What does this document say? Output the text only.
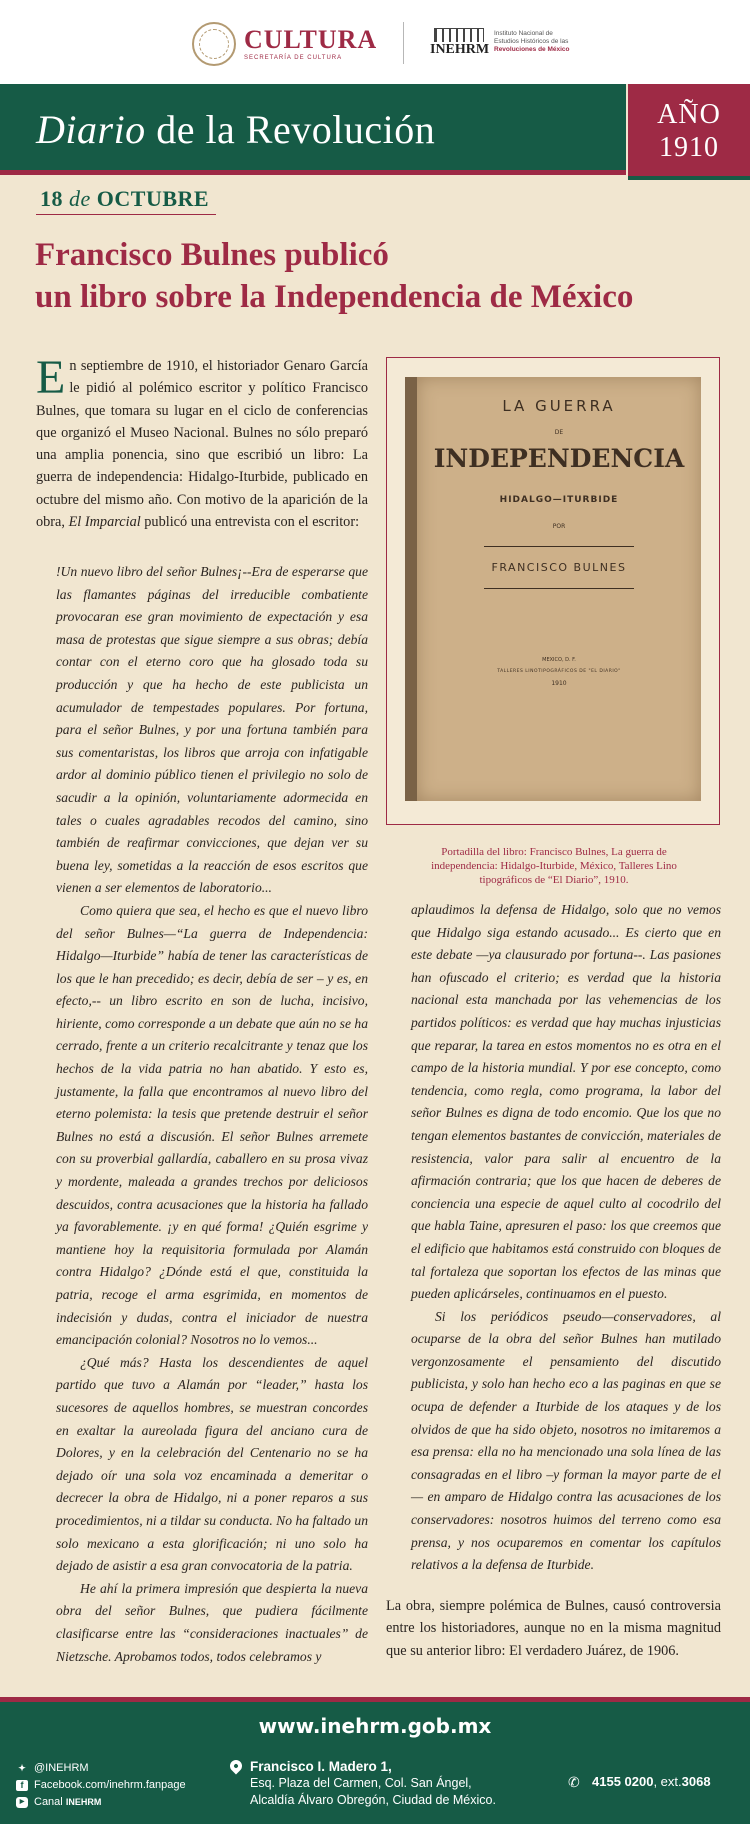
CULTURA
SECRETARÍA DE CULTURA
INEHRM
Instituto Nacional de
Estudios Históricos de las
Revoluciones de México
Diario de la Revolución	AÑO
1910
18 de OCTUBRE
Francisco Bulnes publicó
un libro sobre la Independencia de México
En septiembre de 1910, el historiador Genaro García le pidió al polémico escritor y político Francisco Bulnes, que tomara su lugar en el ciclo de conferencias que organizó el Museo Nacional. Bulnes no sólo preparó una amplia ponencia, sino que escribió un libro: La guerra de independencia: Hidalgo-Iturbide, publicado en octubre del mismo año. Con motivo de la aparición de la obra, El Imparcial publicó una entrevista con el escritor:

!Un nuevo libro del señor Bulnes¡--Era de esperarse que las flamantes páginas del irreducible combatiente provocaran ese gran movimiento de expectación y esa masa de protestas que sigue siempre a sus obras; debía contar con el eterno coro que ha glosado toda su producción y que ha hecho de este publicista un acumulador de tempestades populares. Por fortuna, para el señor Bulnes, y por una fortuna también para sus comentaristas, los libros que arroja con infatigable ardor al dominio público tienen el privilegio no solo de sacudir a la opinión, voluntariamente adormecida en tales o cuales agradables recodos del camino, sino también de reafirmar convicciones, que dejan ver su buena ley, sometidas a la reacción de esos escritos que vienen a ser elementos de laboratorio...

Como quiera que sea, el hecho es que el nuevo libro del señor Bulnes—“La guerra de Independencia: Hidalgo—Iturbide” había de tener las características de los que le han precedido; es decir, debía de ser – y es, en efecto,-- un libro escrito en son de lucha, incisivo, hiriente, como corresponde a un debate que aún no se ha cerrado, frente a un criterio recalcitrante y tenaz que los hechos de la vida patria no han abatido. Y esto es, justamente, la falla que encontramos al nuevo libro del eterno polemista: la tesis que pretende destruir el señor Bulnes no está a discusión. El señor Bulnes arremete con su proverbial gallardía, caballero en su prosa vivaz y mordente, maleada a grandes trechos por deliciosos descuidos, contra acusaciones que la historia ha fallado ya favorablemente. ¡y en qué forma! ¿Quién esgrime y mantiene hoy la requisitoria formulada por Alamán contra Hidalgo? ¿Dónde está el que, constituida la patria, recoge el arma esgrimida, en momentos de indecisión y dudas, contra el iniciador de nuestra emancipación colonial? Nosotros no lo vemos...

¿Qué más? Hasta los descendientes de aquel partido que tuvo a Alamán por “leader,” hasta los sucesores de aquellos hombres, se muestran concordes en exaltar la aureolada figura del anciano cura de Dolores, y en la celebración del Centenario no se ha dejado oír una sola voz encaminada a demeritar o decrecer la obra de Hidalgo, ni a poner reparos a sus procedimientos, ni a tildar su conducta. No ha faltado un solo mexicano a esta glorificación; ni uno solo ha dejado de asistir a esa gran convocatoria de la patria.

He ahí la primera impresión que despierta la nueva obra del señor Bulnes, que pudiera fácilmente clasificarse entre las “consideraciones inactuales” de Nietzsche. Aprobamos todos, todos celebramos y

LA GUERRA
DE
INDEPENDENCIA
HIDALGO—ITURBIDE
POR
FRANCISCO BULNES
MEXICO, D. F.
TALLERES LINOTIPOGRÁFICOS DE "EL DIARIO"
1910
Portadilla del libro: Francisco Bulnes, La guerra de independencia: Hidalgo-Iturbide, México, Talleres Lino tipográficos de “El Diario”, 1910.

aplaudimos la defensa de Hidalgo, solo que no vemos que Hidalgo siga estando acusado... Es cierto que en este debate —ya clausurado por fortuna--. Las pasiones han ofuscado el criterio; es verdad que la historia nacional esta manchada por las vehemencias de los partidos políticos: es verdad que hay muchas injusticias que reparar, la tarea en estos momentos no es otra en el campo de la historia mundial. Y por ese concepto, como tendencia, como regla, como programa, la labor del señor Bulnes es digna de todo encomio. Que los que no tengan elementos bastantes de convicción, materiales de resistencia, valor para salir al encuentro de la afirmación contraria; que los que hacen de deberes de conciencia una especie de aquel culto al cocodrilo del que habla Taine, apresuren el paso: los que creemos que el edificio que habitamos está construido con bloques de tal fortaleza que soportan los efectos de las minas que pueden aplicárseles, continuamos en el puesto.

Si los periódicos pseudo—conservadores, al ocuparse de la obra del señor Bulnes han mutilado vergonzosamente el pensamiento del discutido publicista, y solo han hecho eco a las paginas en que se ocupa de defender a Iturbide de los ataques y de los olvidos de que ha sido objeto, nosotros no imitaremos a esa prensa: ella no ha mencionado una sola línea de las consagradas en el libro –y forman la mayor parte de el— en amparo de Hidalgo contra las acusaciones de los conservadores: nosotros huimos del terreno como esa prensa, y nos ocuparemos en comentar los capítulos relativos a la defensa de Iturbide.

La obra, siempre polémica de Bulnes, causó controversia entre los historiadores, aunque no en la misma magnitud que su anterior libro: El verdadero Juárez, de 1906.
www.inehrm.gob.mx
✦ @INEHRM
f Facebook.com/inehrm.fanpage
▶ Canal
INEHRM
Francisco I. Madero 1,
Esq. Plaza del Carmen, Col. San Ángel,
Alcaldía Álvaro Obregón, Ciudad de México.
✆ 4155 0200 , ext. 3068
